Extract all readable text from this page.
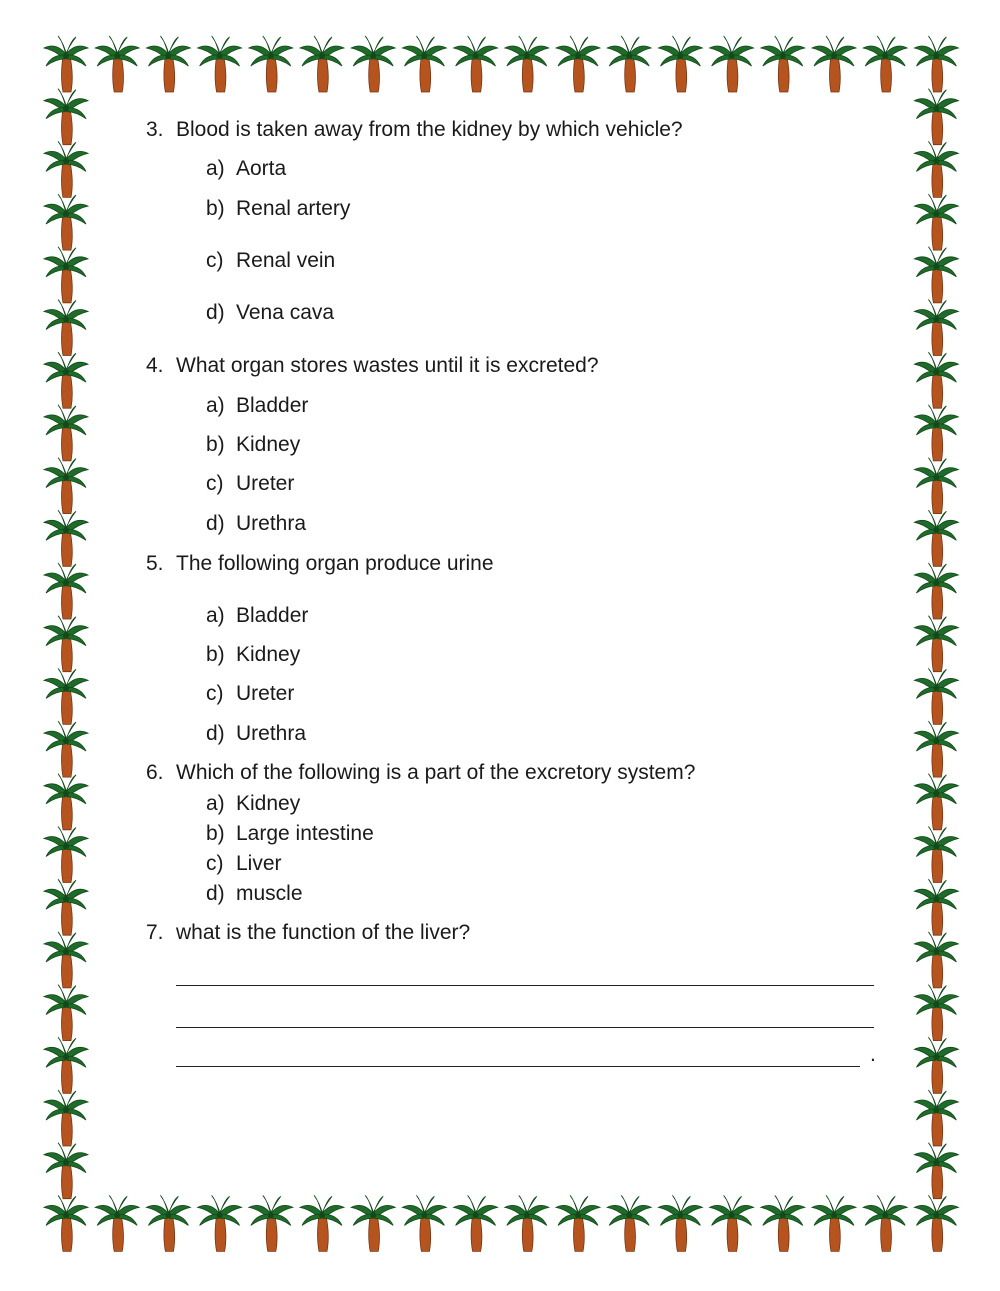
3. Blood is taken away from the kidney by which vehicle?
a) Aorta
b) Renal artery
c) Renal vein
d) Vena cava
4. What organ stores wastes until it is excreted?
a) Bladder
b) Kidney
c) Ureter
d) Urethra
5. The following organ produce urine
a) Bladder
b) Kidney
c) Ureter
d) Urethra
6. Which of the following is a part of the excretory system?
a) Kidney
b) Large intestine
c) Liver
d) muscle
7. what is the function of the liver?
.
